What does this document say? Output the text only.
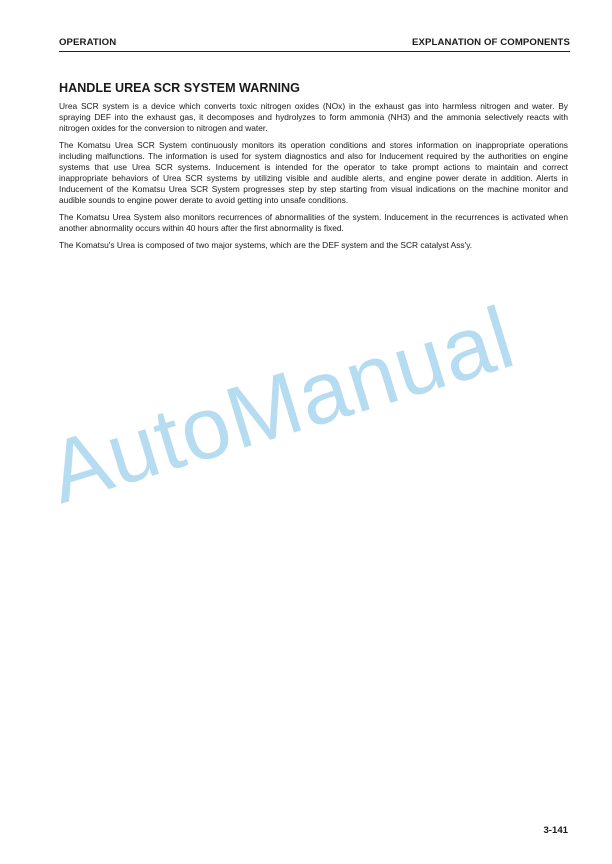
OPERATION	EXPLANATION OF COMPONENTS
HANDLE UREA SCR SYSTEM WARNING

Urea SCR system is a device which converts toxic nitrogen oxides (NOx) in the exhaust gas into harmless nitrogen and water. By spraying DEF into the exhaust gas, it decomposes and hydrolyzes to form ammonia (NH3) and the ammonia selectively reacts with nitrogen oxides for the conversion to nitrogen and water.

The Komatsu Urea SCR System continuously monitors its operation conditions and stores information on inappropriate operations including malfunctions. The information is used for system diagnostics and also for Inducement required by the authorities on engine systems that use Urea SCR systems. Inducement is intended for the operator to take prompt actions to maintain and correct inappropriate behaviors of Urea SCR systems by utilizing visible and audible alerts, and engine power derate in addition. Alerts in Inducement of the Komatsu Urea SCR System progresses step by step starting from visual indications on the machine monitor and audible sounds to engine power derate to avoid getting into unsafe conditions.

The Komatsu Urea System also monitors recurrences of abnormalities of the system. Inducement in the recurrences is activated when another abnormality occurs within 40 hours after the first abnormality is fixed.

The Komatsu's Urea is composed of two major systems, which are the DEF system and the SCR catalyst Ass'y.

AutoManual
3-141
